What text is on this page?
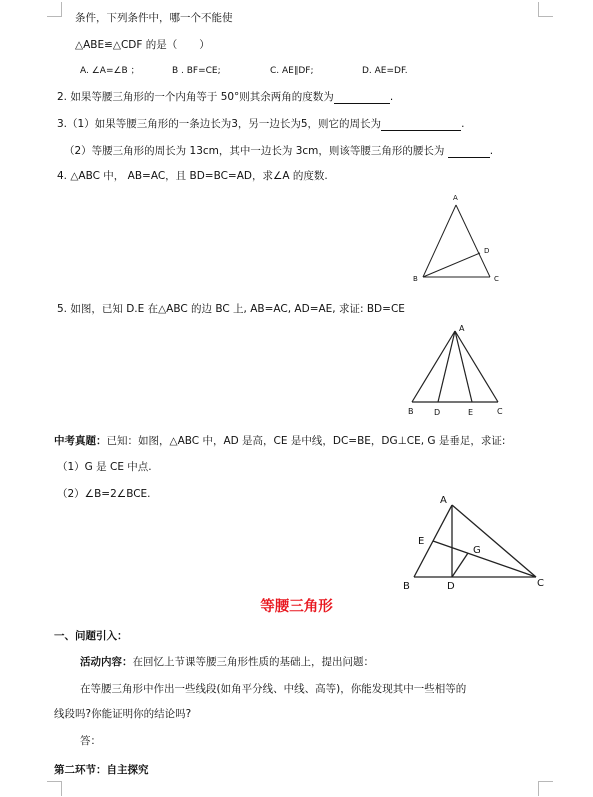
条件，下列条件中，哪一个不能使
△ABE≌△CDF 的是（ ）
A. ∠A=∠B ；	B . BF=CE;	C. AE∥DF;	D. AE=DF.
2. 如果等腰三角形的一个内角等于 50°则其余两角的度数为	.
3.（1）如果等腰三角形的一条边长为3，另一边长为5，则它的周长为	.
（2）等腰三角形的周长为 13cm，其中一边长为 3cm，则该等腰三角形的腰长为	.
4. △ABC 中， AB=AC，且 BD=BC=AD，求∠A 的度数.
A
B	C
D
5. 如图，已知 D.E 在△ABC 的边 BC 上, AB=AC, AD=AE, 求证: BD=CE
A
B	D	E	C
中考真题：已知：如图，△ABC 中，AD 是高，CE 是中线，DC=BE，DG⊥CE, G 是垂足，求证:
（1）G 是 CE 中点.
（2）∠B=2∠BCE.
A
E
G
B	D	C
等腰三角形
一、问题引入：
活动内容：在回忆上节课等腰三角形性质的基础上，提出问题：
在等腰三角形中作出一些线段(如角平分线、中线、高等)，你能发现其中一些相等的
线段吗?你能证明你的结论吗?
答：
第二环节：自主探究
